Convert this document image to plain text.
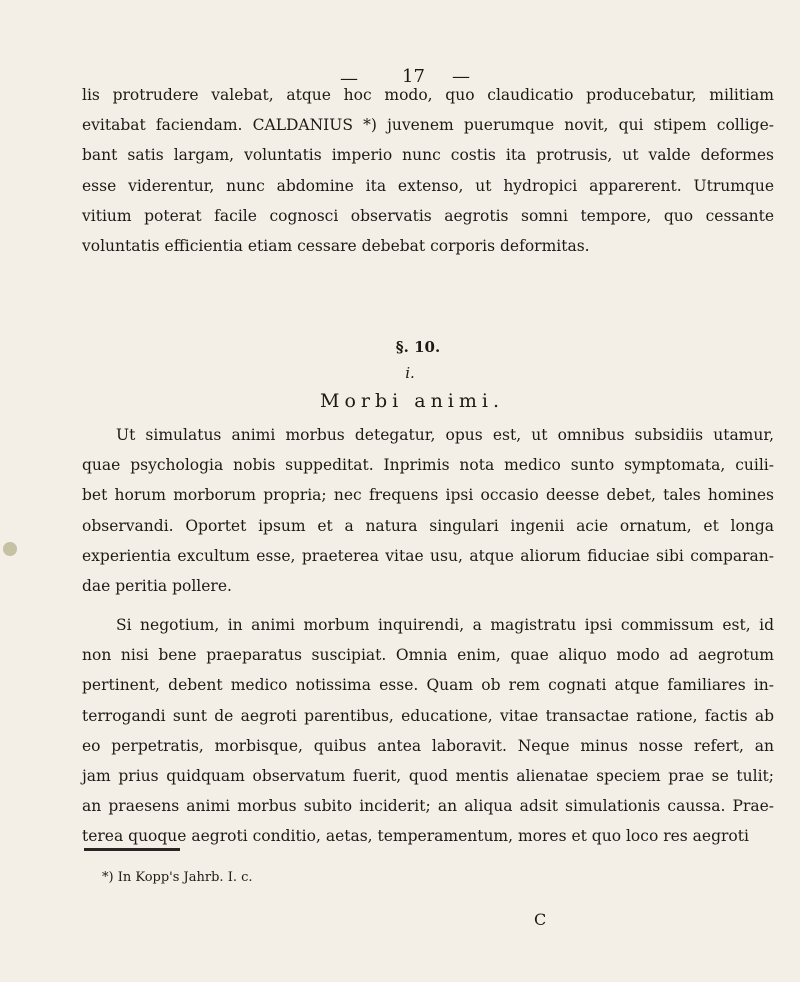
— 17 —
lis protrudere valebat, atque hoc modo, quo claudicatio producebatur, militiam
evitabat faciendam. CALDANIUS *) juvenem puerumque novit, qui stipem collige-
bant satis largam, voluntatis imperio nunc costis ita protrusis, ut valde deformes
esse viderentur, nunc abdomine ita extenso, ut hydropici apparerent. Utrumque
vitium poterat facile cognosci observatis aegrotis somni tempore, quo cessante
voluntatis efficientia etiam cessare debebat corporis deformitas.
§. 10.
i.
Morbi animi.
Ut simulatus animi morbus detegatur, opus est, ut omnibus subsidiis utamur,
quae psychologia nobis suppeditat. Inprimis nota medico sunto symptomata, cuili-
bet horum morborum propria; nec frequens ipsi occasio deesse debet, tales homines
observandi. Oportet ipsum et a natura singulari ingenii acie ornatum, et longa
experientia excultum esse, praeterea vitae usu, atque aliorum fiduciae sibi comparan-
dae peritia pollere.
Si negotium, in animi morbum inquirendi, a magistratu ipsi commissum est, id
non nisi bene praeparatus suscipiat. Omnia enim, quae aliquo modo ad aegrotum
pertinent, debent medico notissima esse. Quam ob rem cognati atque familiares in-
terrogandi sunt de aegroti parentibus, educatione, vitae transactae ratione, factis ab
eo perpetratis, morbisque, quibus antea laboravit. Neque minus nosse refert, an
jam prius quidquam observatum fuerit, quod mentis alienatae speciem prae se tulit;
an praesens animi morbus subito inciderit; an aliqua adsit simulationis caussa. Prae-
terea quoque aegroti conditio, aetas, temperamentum, mores et quo loco res aegroti
*) In Kopp's Jahrb. I. c.
C
